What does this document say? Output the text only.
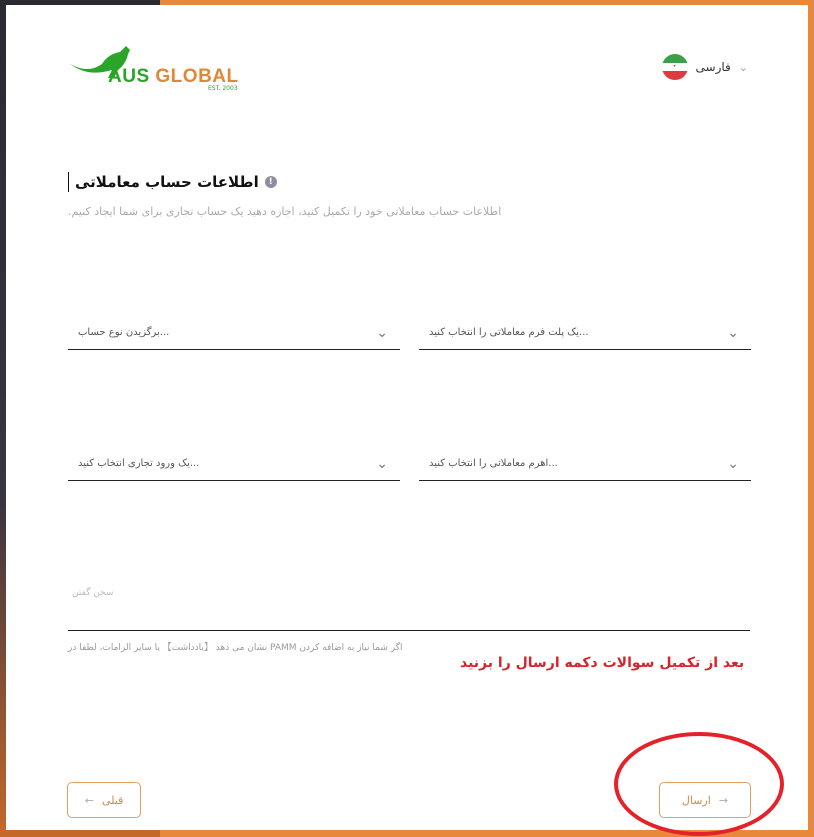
AUS GLOBAL
EST. 2003
•	فارسی ⌄
اطلاعات حساب معاملاتی	!
اطلاعات حساب معاملاتی خود را تکمیل کنید، اجازه دهید یک حساب تجاری برای شما ایجاد کنیم.
...برگزیدن نوع حساب	⌄	...یک پلت فرم معاملاتی را انتخاب کنید	⌄
...یک ورود تجاری انتخاب کنید	⌄	...اهرم معاملاتی را انتخاب کنید	⌄
سخن گفتن
اگر شما نیاز به اضافه کردن PAMM نشان می دهد 【یادداشت】 یا سایر الزامات، لطفا در
بعد از تکمیل سوالات دکمه ارسال را بزنید
← قبلی	ارسال →
